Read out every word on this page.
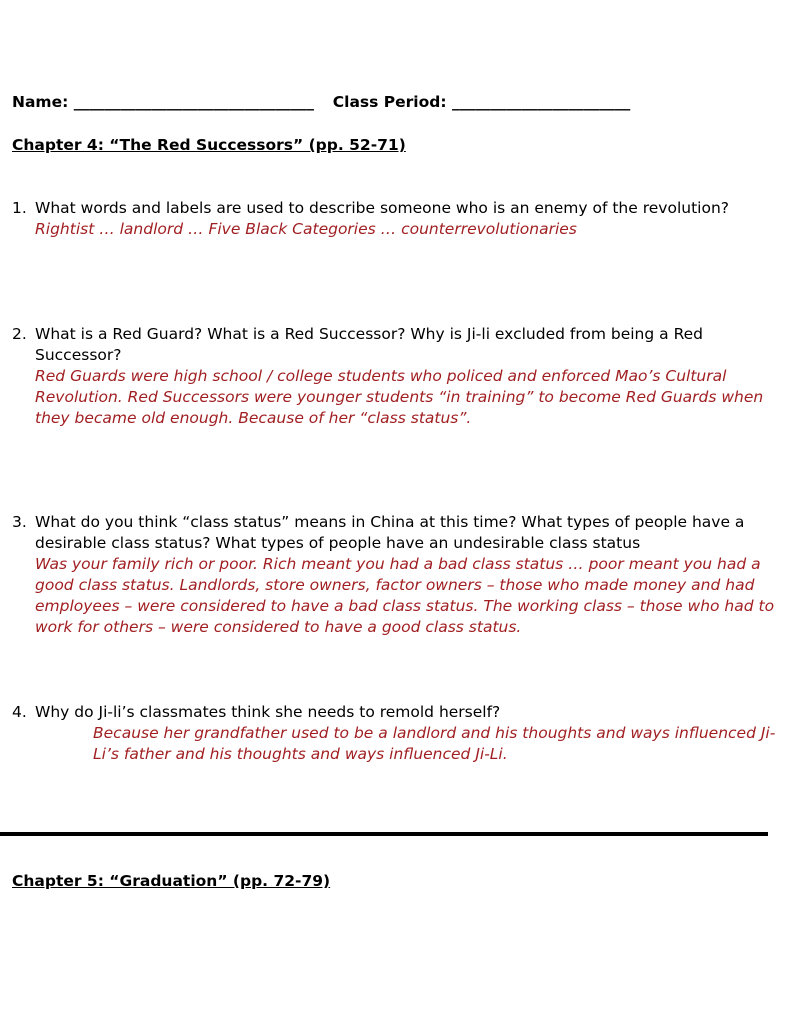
Name: _______________________________ Class Period: _______________________
Chapter 4: “The Red Successors” (pp. 52-71)
1. What words and labels are used to describe someone who is an enemy of the revolution?
Rightist … landlord … Five Black Categories … counterrevolutionaries
2. What is a Red Guard? What is a Red Successor? Why is Ji-li excluded from being a Red Successor?
Red Guards were high school / college students who policed and enforced Mao’s Cultural Revolution. Red Successors were younger students “in training” to become Red Guards when they became old enough. Because of her “class status”.
3. What do you think “class status” means in China at this time? What types of people have a desirable class status? What types of people have an undesirable class status
Was your family rich or poor. Rich meant you had a bad class status … poor meant you had a good class status. Landlords, store owners, factor owners – those who made money and had employees – were considered to have a bad class status. The working class – those who had to work for others – were considered to have a good class status.
4. Why do Ji-li’s classmates think she needs to remold herself?
Because her grandfather used to be a landlord and his thoughts and ways influenced Ji-Li’s father and his thoughts and ways influenced Ji-Li.
Chapter 5: “Graduation” (pp. 72-79)
